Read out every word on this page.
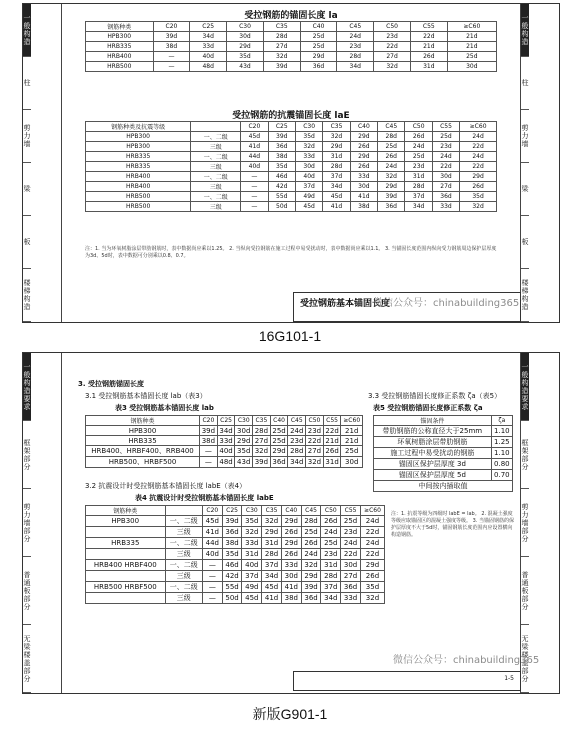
一般构造
柱
剪力墙
梁
板
楼梯构造
一般构造
柱
剪力墙
梁
板
楼梯构造
受拉钢筋的锚固长度 la
钢筋种类	C20	C25	C30	C35	C40	C45	C50	C55	≥C60
HPB300	39d	34d	30d	28d	25d	24d	23d	22d	21d
HRB335	38d	33d	29d	27d	25d	23d	22d	21d	21d
HRB400	—	40d	35d	32d	29d	28d	27d	26d	25d
HRB500	—	48d	43d	39d	36d	34d	32d	31d	30d
受拉钢筋的抗震锚固长度 laE
钢筋种类及抗震等级		C20	C25	C30	C35	C40	C45	C50	C55	≥C60
HPB300	一、二级	45d	39d	35d	32d	29d	28d	26d	25d	24d
HPB300	三级	41d	36d	32d	29d	26d	25d	24d	23d	22d
HRB335	一、二级	44d	38d	33d	31d	29d	26d	25d	24d	24d
HRB335	三级	40d	35d	30d	28d	26d	24d	23d	22d	22d
HRB400	一、二级	—	46d	40d	37d	33d	32d	31d	30d	29d
HRB400	三级	—	42d	37d	34d	30d	29d	28d	27d	26d
HRB500	一、二级	—	55d	49d	45d	41d	39d	37d	36d	35d
HRB500	三级	—	50d	45d	41d	38d	36d	34d	33d	32d
注：1. 当为环氧树脂涂层带肋钢筋时，表中数据尚应乘以1.25。 2. 当纵向受拉钢筋在施工过程中易受扰动时，表中数据尚应乘以1.1。 3. 当锚固长度范围内纵向受力钢筋周边保护层厚度为3d、5d时，表中数据可分别乘以0.8、0.7。
受拉钢筋基本锚固长度
微信公众号：chinabuilding365
16G101-1
一般构造要求
框架部分
剪力墙部分
普通板部分
无梁楼盖部分
一般构造要求
框架部分
剪力墙部分
普通板部分
无梁楼盖部分
3. 受拉钢筋锚固长度
3.1 受拉钢筋基本锚固长度 lab（表3）
表3 受拉钢筋基本锚固长度 lab
钢筋种类	C20	C25	C30	C35	C40	C45	C50	C55	≥C60
HPB300	39d	34d	30d	28d	25d	24d	23d	22d	21d
HRB335	38d	33d	29d	27d	25d	23d	22d	21d	21d
HRB400、HRBF400、RRB400	—	40d	35d	32d	29d	28d	27d	26d	25d
HRB500、HRBF500	—	48d	43d	39d	36d	34d	32d	31d	30d
3.3 受拉钢筋锚固长度修正系数 ζa（表5）
表5 受拉钢筋锚固长度修正系数 ζa
锚固条件	ζa
带肋钢筋的公称直径大于25mm	1.10
环氧树脂涂层带肋钢筋	1.25
施工过程中易受扰动的钢筋	1.10
锚固区保护层厚度 3d	0.80
锚固区保护层厚度 5d	0.70
中间按内插取值	
3.2 抗震设计时受拉钢筋基本锚固长度 labE（表4）
表4 抗震设计时受拉钢筋基本锚固长度 labE
钢筋种类		C20	C25	C30	C35	C40	C45	C50	C55	≥C60
HPB300	一、二级	45d	39d	35d	32d	29d	28d	26d	25d	24d
	三级	41d	36d	32d	29d	26d	25d	24d	23d	22d
HRB335	一、二级	44d	38d	33d	31d	29d	26d	25d	24d	24d
	三级	40d	35d	31d	28d	26d	24d	23d	22d	22d
HRB400 HRBF400	一、二级	—	46d	40d	37d	33d	32d	31d	30d	29d
	三级	—	42d	37d	34d	30d	29d	28d	27d	26d
HRB500 HRBF500	一、二级	—	55d	49d	45d	41d	39d	37d	36d	35d
	三级	—	50d	45d	41d	38d	36d	34d	33d	32d
注：1. 抗震等级为四级时 labE = lab。 2. 混凝土强度等级应取锚固区的混凝土强度等级。 3. 当锚固钢筋的保护层厚度不大于5d时，锚固钢筋长度范围内应设置横向构造钢筋。
1-5
微信公众号：chinabuilding365
新版G901-1
